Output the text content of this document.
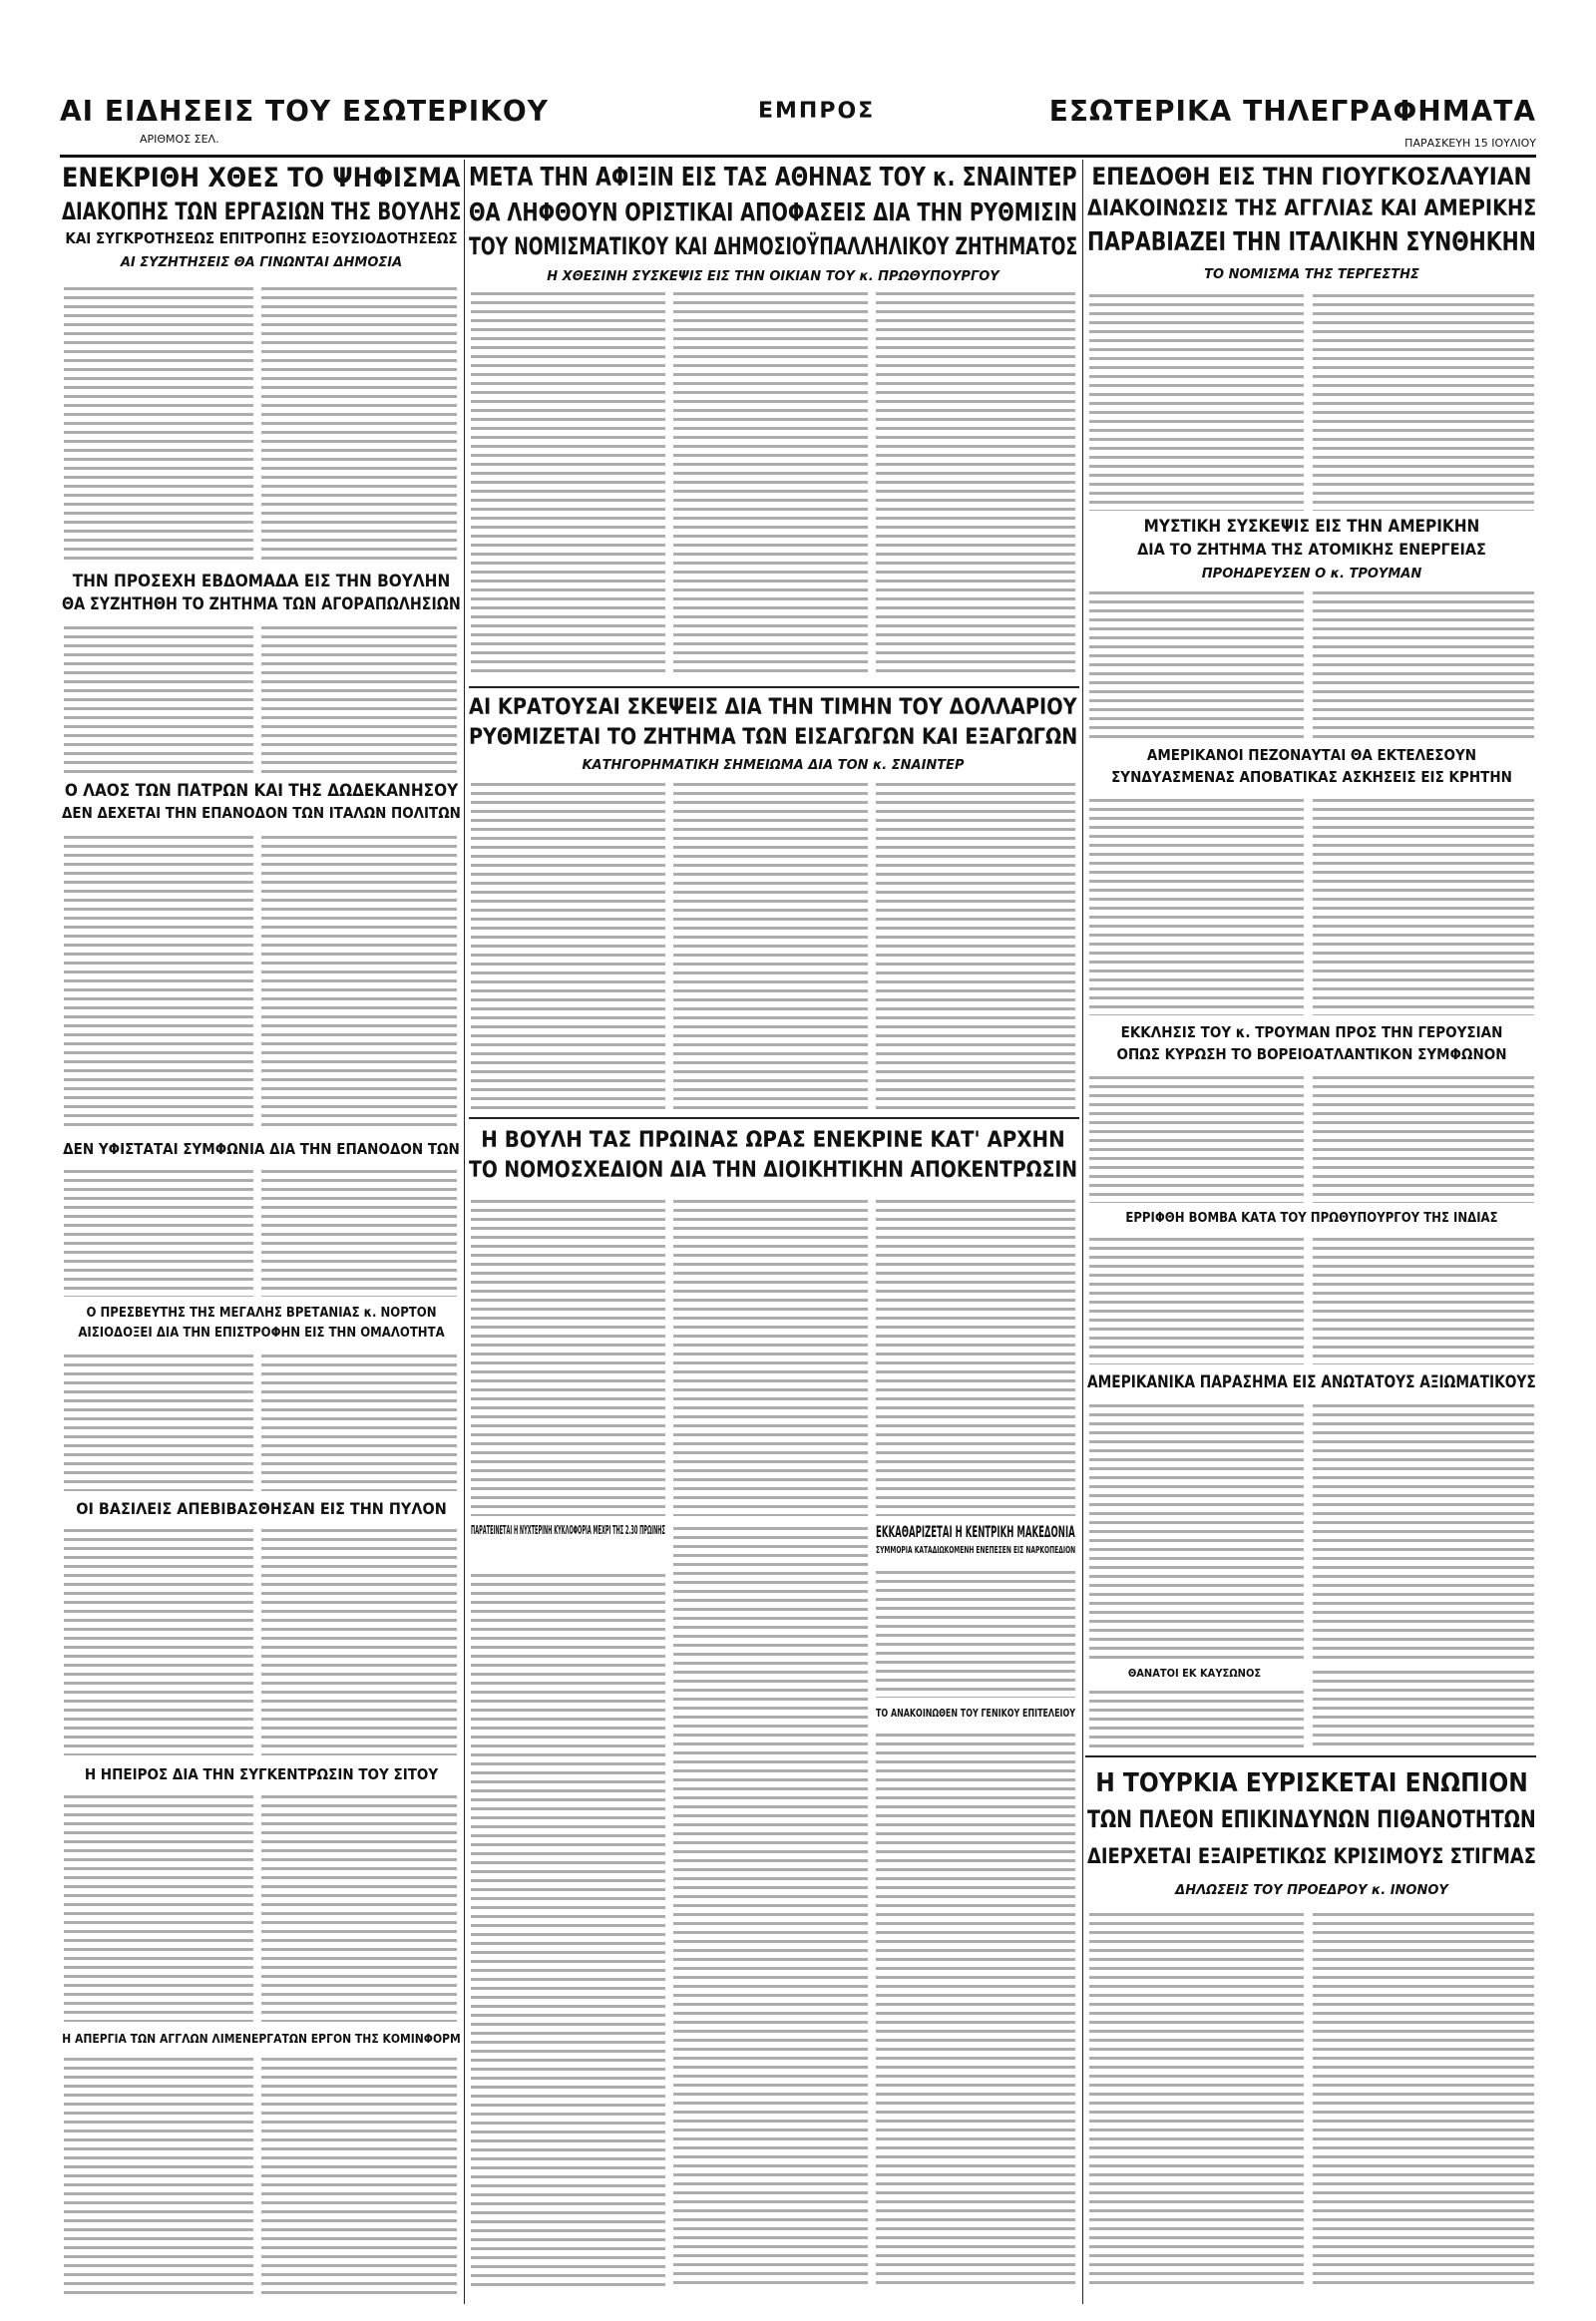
ΑΙ ΕΙΔΗΣΕΙΣ ΤΟΥ ΕΣΩΤΕΡΙΚΟΥ	ΕΜΠΡΟΣ	ΕΣΩΤΕΡΙΚΑ ΤΗΛΕΓΡΑΦΗΜΑΤΑ
ΑΡΙΘΜΟΣ ΣΕΛ.	ΠΑΡΑΣΚΕΥΗ 15 ΙΟΥΛΙΟΥ
ΕΝΕΚΡΙΘΗ ΧΘΕΣ ΤΟ ΨΗΦΙΣΜΑ
ΔΙΑΚΟΠΗΣ ΤΩΝ ΕΡΓΑΣΙΩΝ ΤΗΣ ΒΟΥΛΗΣ
ΚΑΙ ΣΥΓΚΡΟΤΗΣΕΩΣ ΕΠΙΤΡΟΠΗΣ ΕΞΟΥΣΙΟΔΟΤΗΣΕΩΣ
ΑΙ ΣΥΖΗΤΗΣΕΙΣ ΘΑ ΓΙΝΩΝΤΑΙ ΔΗΜΟΣΙΑ
ΜΕΤΑ ΤΗΝ ΑΦΙΞΙΝ ΕΙΣ ΤΑΣ ΑΘΗΝΑΣ ΤΟΥ κ. ΣΝΑΙΝΤΕΡ
ΘΑ ΛΗΦΘΟΥΝ ΟΡΙΣΤΙΚΑΙ ΑΠΟΦΑΣΕΙΣ ΔΙΑ ΤΗΝ ΡΥΘΜΙΣΙΝ
ΤΟΥ ΝΟΜΙΣΜΑΤΙΚΟΥ ΚΑΙ ΔΗΜΟΣΙΟΫΠΑΛΛΗΛΙΚΟΥ ΖΗΤΗΜΑΤΟΣ
Η ΧΘΕΣΙΝΗ ΣΥΣΚΕΨΙΣ ΕΙΣ ΤΗΝ ΟΙΚΙΑΝ ΤΟΥ κ. ΠΡΩΘΥΠΟΥΡΓΟΥ
ΕΠΕΔΟΘΗ ΕΙΣ ΤΗΝ ΓΙΟΥΓΚΟΣΛΑΥΙΑΝ
ΔΙΑΚΟΙΝΩΣΙΣ ΤΗΣ ΑΓΓΛΙΑΣ ΚΑΙ ΑΜΕΡΙΚΗΣ
ΠΑΡΑΒΙΑΖΕΙ ΤΗΝ ΙΤΑΛΙΚΗΝ ΣΥΝΘΗΚΗΝ
ΤΟ ΝΟΜΙΣΜΑ ΤΗΣ ΤΕΡΓΕΣΤΗΣ
ΤΗΝ ΠΡΟΣΕΧΗ ΕΒΔΟΜΑΔΑ ΕΙΣ ΤΗΝ ΒΟΥΛΗΝ
ΘΑ ΣΥΖΗΤΗΘΗ ΤΟ ΖΗΤΗΜΑ ΤΩΝ ΑΓΟΡΑΠΩΛΗΣΙΩΝ
Ο ΛΑΟΣ ΤΩΝ ΠΑΤΡΩΝ ΚΑΙ ΤΗΣ ΔΩΔΕΚΑΝΗΣΟΥ
ΔΕΝ ΔΕΧΕΤΑΙ ΤΗΝ ΕΠΑΝΟΔΟΝ ΤΩΝ ΙΤΑΛΩΝ ΠΟΛΙΤΩΝ
ΔΕΝ ΥΦΙΣΤΑΤΑΙ ΣΥΜΦΩΝΙΑ ΔΙΑ ΤΗΝ ΕΠΑΝΟΔΟΝ ΤΩΝ
Ο ΠΡΕΣΒΕΥΤΗΣ ΤΗΣ ΜΕΓΑΛΗΣ ΒΡΕΤΑΝΙΑΣ κ. ΝΟΡΤΟΝ
ΑΙΣΙΟΔΟΞΕΙ ΔΙΑ ΤΗΝ ΕΠΙΣΤΡΟΦΗΝ ΕΙΣ ΤΗΝ ΟΜΑΛΟΤΗΤΑ
ΟΙ ΒΑΣΙΛΕΙΣ ΑΠΕΒΙΒΑΣΘΗΣΑΝ ΕΙΣ ΤΗΝ ΠΥΛΟΝ
Η ΗΠΕΙΡΟΣ ΔΙΑ ΤΗΝ ΣΥΓΚΕΝΤΡΩΣΙΝ ΤΟΥ ΣΙΤΟΥ
Η ΑΠΕΡΓΙΑ ΤΩΝ ΑΓΓΛΩΝ ΛΙΜΕΝΕΡΓΑΤΩΝ ΕΡΓΟΝ ΤΗΣ ΚΟΜΙΝΦΟΡΜ
ΑΙ ΚΡΑΤΟΥΣΑΙ ΣΚΕΨΕΙΣ ΔΙΑ ΤΗΝ ΤΙΜΗΝ ΤΟΥ ΔΟΛΛΑΡΙΟΥ
ΡΥΘΜΙΖΕΤΑΙ ΤΟ ΖΗΤΗΜΑ ΤΩΝ ΕΙΣΑΓΩΓΩΝ ΚΑΙ ΕΞΑΓΩΓΩΝ
ΚΑΤΗΓΟΡΗΜΑΤΙΚΗ ΣΗΜΕΙΩΜΑ ΔΙΑ ΤΟΝ κ. ΣΝΑΙΝΤΕΡ
Η ΒΟΥΛΗ ΤΑΣ ΠΡΩΙΝΑΣ ΩΡΑΣ ΕΝΕΚΡΙΝΕ ΚΑΤ' ΑΡΧΗΝ
ΤΟ ΝΟΜΟΣΧΕΔΙΟΝ ΔΙΑ ΤΗΝ ΔΙΟΙΚΗΤΙΚΗΝ ΑΠΟΚΕΝΤΡΩΣΙΝ
ΠΑΡΑΤΕΙΝΕΤΑΙ Η ΝΥΧΤΕΡΙΝΗ ΚΥΚΛΟΦΟΡΙΑ ΜΕΧΡΙ ΤΗΣ 2.30 ΠΡΩΙΝΗΣ	ΕΚΚΑΘΑΡΙΖΕΤΑΙ Η ΚΕΝΤΡΙΚΗ ΜΑΚΕΔΟΝΙΑ
ΣΥΜΜΟΡΙΑ ΚΑΤΑΔΙΩΚΟΜΕΝΗ ΕΝΕΠΕΣΕΝ ΕΙΣ ΝΑΡΚΟΠΕΔΙΟΝ
ΤΟ ΑΝΑΚΟΙΝΩΘΕΝ ΤΟΥ ΓΕΝΙΚΟΥ ΕΠΙΤΕΛΕΙΟΥ
ΜΥΣΤΙΚΗ ΣΥΣΚΕΨΙΣ ΕΙΣ ΤΗΝ ΑΜΕΡΙΚΗΝ
ΔΙΑ ΤΟ ΖΗΤΗΜΑ ΤΗΣ ΑΤΟΜΙΚΗΣ ΕΝΕΡΓΕΙΑΣ
ΠΡΟΗΔΡΕΥΣΕΝ Ο κ. ΤΡΟΥΜΑΝ
ΑΜΕΡΙΚΑΝΟΙ ΠΕΖΟΝΑΥΤΑΙ ΘΑ ΕΚΤΕΛΕΣΟΥΝ
ΣΥΝΔΥΑΣΜΕΝΑΣ ΑΠΟΒΑΤΙΚΑΣ ΑΣΚΗΣΕΙΣ ΕΙΣ ΚΡΗΤΗΝ
ΕΚΚΛΗΣΙΣ ΤΟΥ κ. ΤΡΟΥΜΑΝ ΠΡΟΣ ΤΗΝ ΓΕΡΟΥΣΙΑΝ
ΟΠΩΣ ΚΥΡΩΣΗ ΤΟ ΒΟΡΕΙΟΑΤΛΑΝΤΙΚΟΝ ΣΥΜΦΩΝΟΝ
ΕΡΡΙΦΘΗ ΒΟΜΒΑ ΚΑΤΑ ΤΟΥ ΠΡΩΘΥΠΟΥΡΓΟΥ ΤΗΣ ΙΝΔΙΑΣ
ΑΜΕΡΙΚΑΝΙΚΑ ΠΑΡΑΣΗΜΑ ΕΙΣ ΑΝΩΤΑΤΟΥΣ ΑΞΙΩΜΑΤΙΚΟΥΣ
ΘΑΝΑΤΟΙ ΕΚ ΚΑΥΣΩΝΟΣ
Η ΤΟΥΡΚΙΑ ΕΥΡΙΣΚΕΤΑΙ ΕΝΩΠΙΟΝ
ΤΩΝ ΠΛΕΟΝ ΕΠΙΚΙΝΔΥΝΩΝ ΠΙΘΑΝΟΤΗΤΩΝ
ΔΙΕΡΧΕΤΑΙ ΕΞΑΙΡΕΤΙΚΩΣ ΚΡΙΣΙΜΟΥΣ ΣΤΙΓΜΑΣ
ΔΗΛΩΣΕΙΣ ΤΟΥ ΠΡΟΕΔΡΟΥ κ. ΙΝΟΝΟΥ
